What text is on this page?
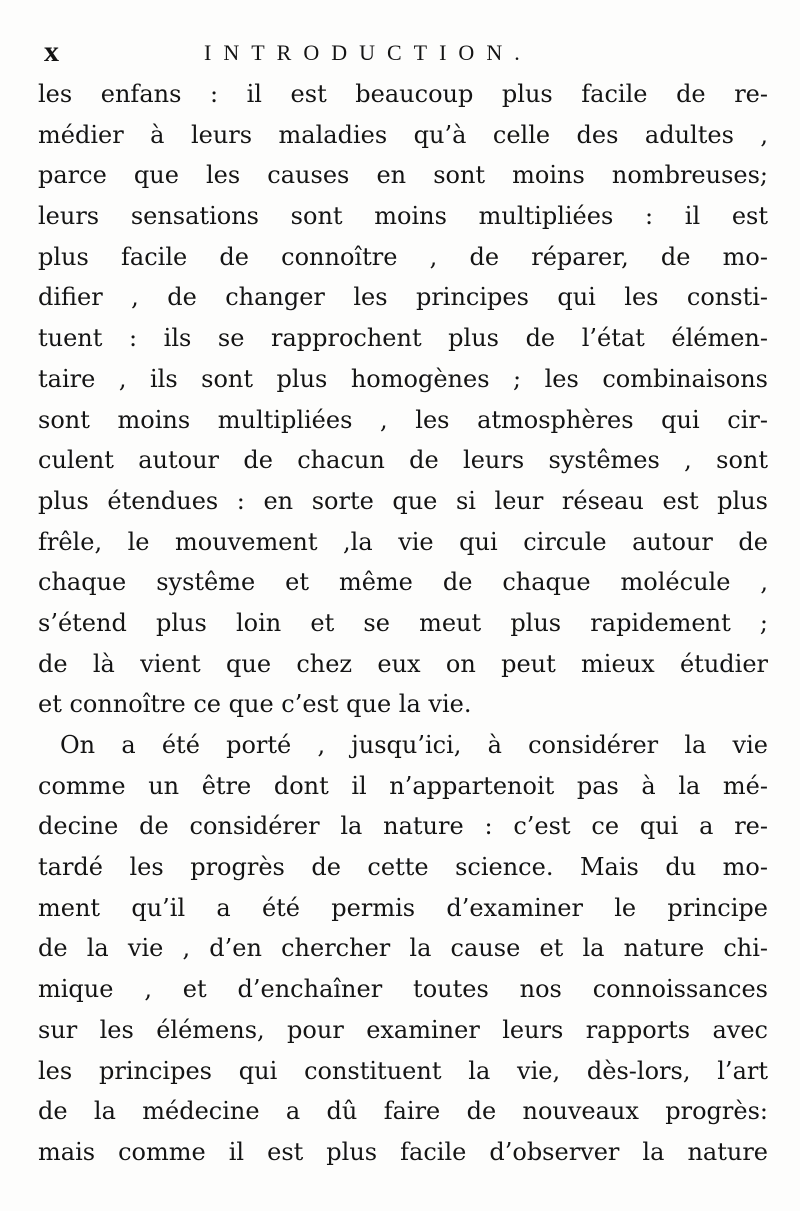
x	INTRODUCTION.
les enfans : il est beaucoup plus facile de re-
médier à leurs maladies qu’à celle des adultes ,
parce que les causes en sont moins nombreuses;
leurs sensations sont moins multipliées : il est
plus facile de connoître , de réparer, de mo-
difier , de changer les principes qui les consti-
tuent : ils se rapprochent plus de l’état élémen-
taire , ils sont plus homogènes ; les combinaisons
sont moins multipliées , les atmosphères qui cir-
culent autour de chacun de leurs systêmes , sont
plus étendues : en sorte que si leur réseau est plus
frêle, le mouvement ,la vie qui circule autour de
chaque systême et même de chaque molécule ,
s’étend plus loin et se meut plus rapidement ;
de là vient que chez eux on peut mieux étudier
et connoître ce que c’est que la vie.
On a été porté , jusqu’ici, à considérer la vie
comme un être dont il n’appartenoit pas à la mé-
decine de considérer la nature : c’est ce qui a re-
tardé les progrès de cette science. Mais du mo-
ment qu’il a été permis d’examiner le principe
de la vie , d’en chercher la cause et la nature chi-
mique , et d’enchaîner toutes nos connoissances
sur les élémens, pour examiner leurs rapports avec
les principes qui constituent la vie, dès-lors, l’art
de la médecine a dû faire de nouveaux progrès:
mais comme il est plus facile d’observer la nature
